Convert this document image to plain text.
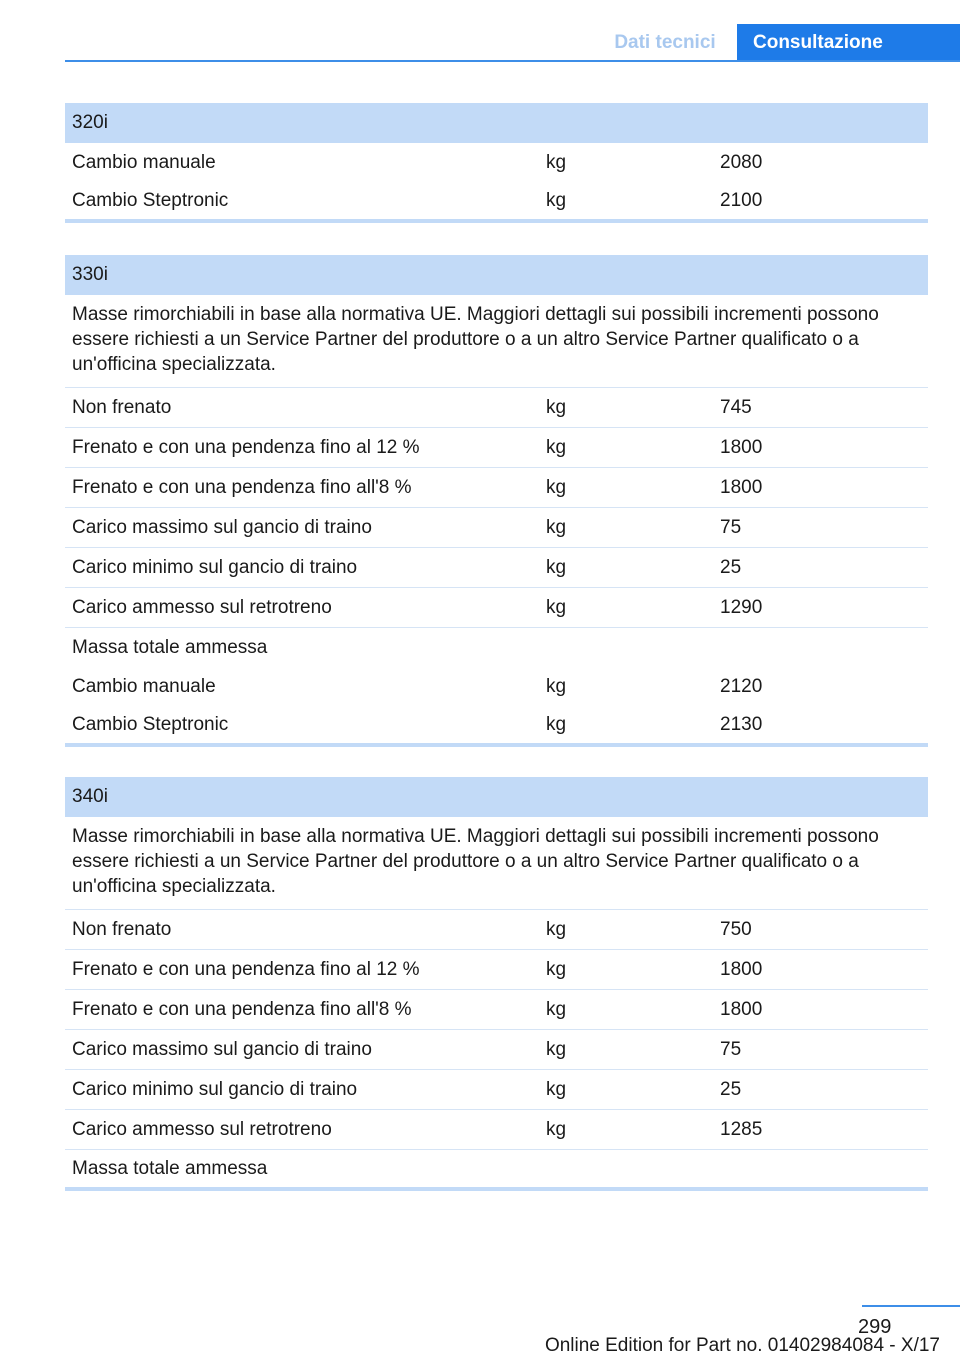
Dati tecnici	Consultazione
320i		
Cambio manuale	kg	2080
Cambio Steptronic	kg	2100
330i		
Masse rimorchiabili in base alla normativa UE. Maggiori dettagli sui possibili incrementi possono essere richiesti a un Service Partner del produttore o a un altro Service Partner qualificato o a un'officina specializzata.		
Non frenato	kg	745
Frenato e con una pendenza fino al 12 %	kg	1800
Frenato e con una pendenza fino all'8 %	kg	1800
Carico massimo sul gancio di traino	kg	75
Carico minimo sul gancio di traino	kg	25
Carico ammesso sul retrotreno	kg	1290
Massa totale ammessa		
Cambio manuale	kg	2120
Cambio Steptronic	kg	2130
340i		
Masse rimorchiabili in base alla normativa UE. Maggiori dettagli sui possibili incrementi possono essere richiesti a un Service Partner del produttore o a un altro Service Partner qualificato o a un'officina specializzata.		
Non frenato	kg	750
Frenato e con una pendenza fino al 12 %	kg	1800
Frenato e con una pendenza fino all'8 %	kg	1800
Carico massimo sul gancio di traino	kg	75
Carico minimo sul gancio di traino	kg	25
Carico ammesso sul retrotreno	kg	1285
Massa totale ammessa		
299
Online Edition for Part no. 01402984084 - X/17
